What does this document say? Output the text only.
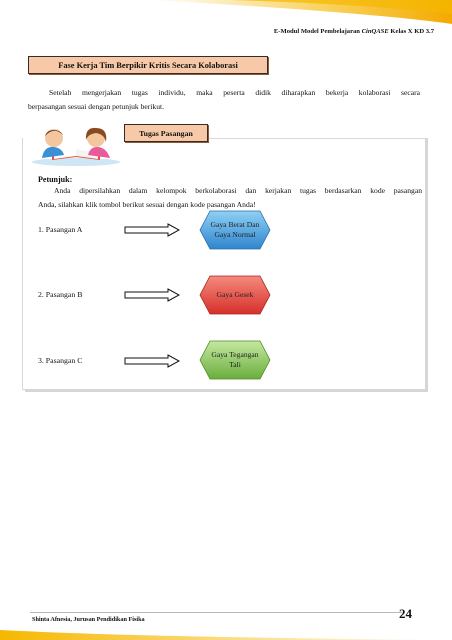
E-Modul Model Pembelajaran CinQASE Kelas X KD 3.7
Fase Kerja Tim Berpikir Kritis Secara Kolaborasi
Setelah mengerjakan tugas individu, maka peserta didik diharapkan bekerja kolaborasi secara
berpasangan sesuai dengan petunjuk berikut.
Tugas Pasangan
Petunjuk:
Anda dipersilahkan dalam kelompok berkolaborasi dan kerjakan tugas berdasarkan kode pasangan
Anda, silahkan klik tombol berikut sesuai dengan kode pasangan Anda!
1. Pasangan A
Gaya Berat Dan Gaya Normal
2. Pasangan B	Gaya Gesek
3. Pasangan C
Gaya Tegangan Tali
Shinta Afnesia, Jurusan Pendidikan Fisika	24
